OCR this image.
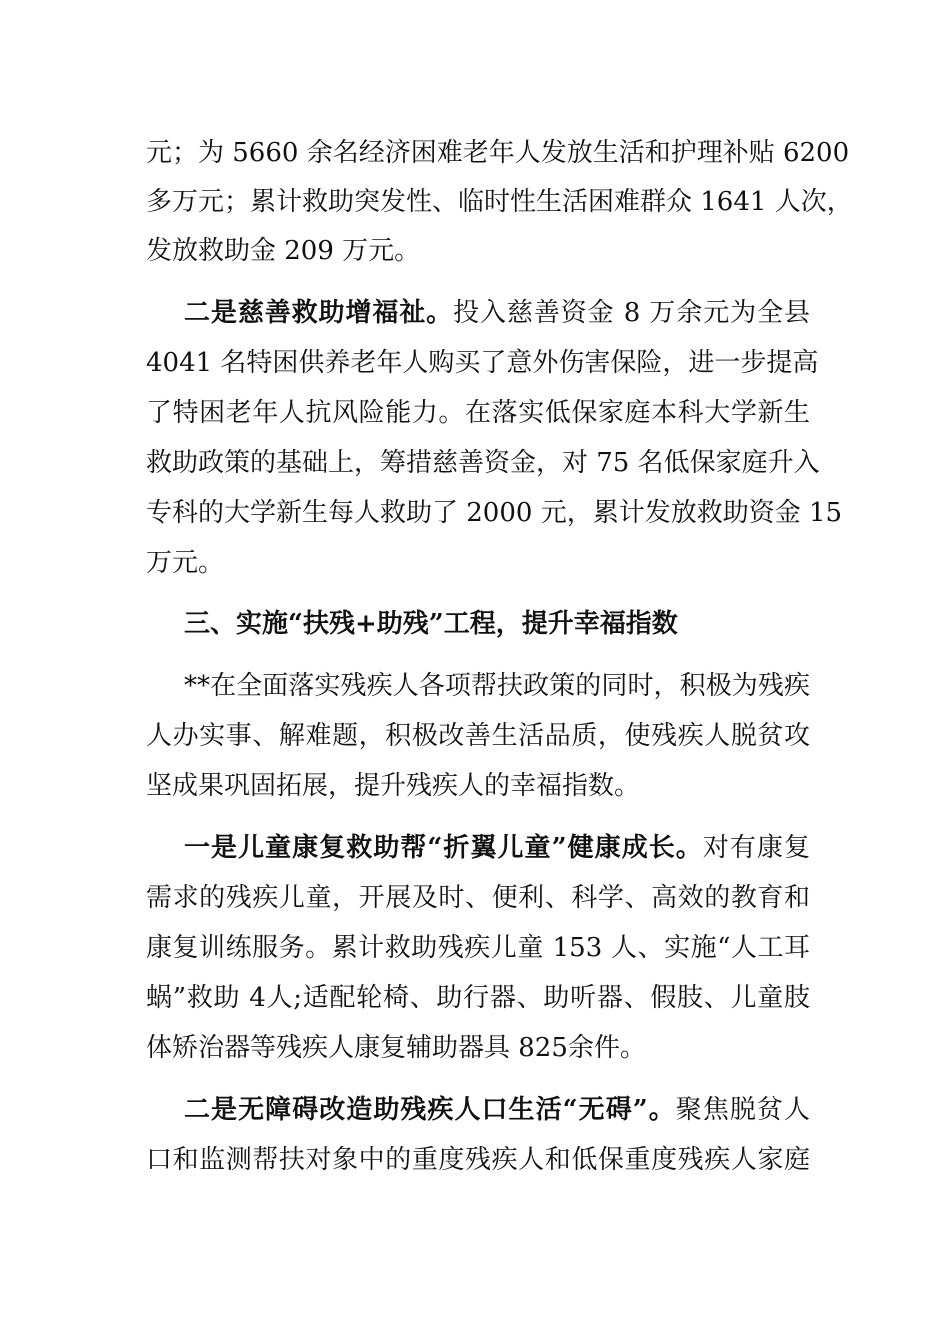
元；为 5660 余名经济困难老年人发放生活和护理补贴 6200
多万元；累计救助突发性、临时性生活困难群众 1641 人次，
发放救助金 209 万元。
二是慈善救助增福祉。投入慈善资金 8 万余元为全县
4041 名特困供养老年人购买了意外伤害保险，进一步提高
了特困老年人抗风险能力。在落实低保家庭本科大学新生
救助政策的基础上，筹措慈善资金，对 75 名低保家庭升入
专科的大学新生每人救助了 2000 元，累计发放救助资金 15
万元。
三、实施“扶残+助残”工程，提升幸福指数
**在全面落实残疾人各项帮扶政策的同时，积极为残疾
人办实事、解难题，积极改善生活品质，使残疾人脱贫攻
坚成果巩固拓展，提升残疾人的幸福指数。
一是儿童康复救助帮“折翼儿童”健康成长。对有康复
需求的残疾儿童，开展及时、便利、科学、高效的教育和
康复训练服务。累计救助残疾儿童 153 人、实施“人工耳
蜗”救助 4人;适配轮椅、助行器、助听器、假肢、儿童肢
体矫治器等残疾人康复辅助器具 825余件。
二是无障碍改造助残疾人口生活“无碍”。聚焦脱贫人
口和监测帮扶对象中的重度残疾人和低保重度残疾人家庭
